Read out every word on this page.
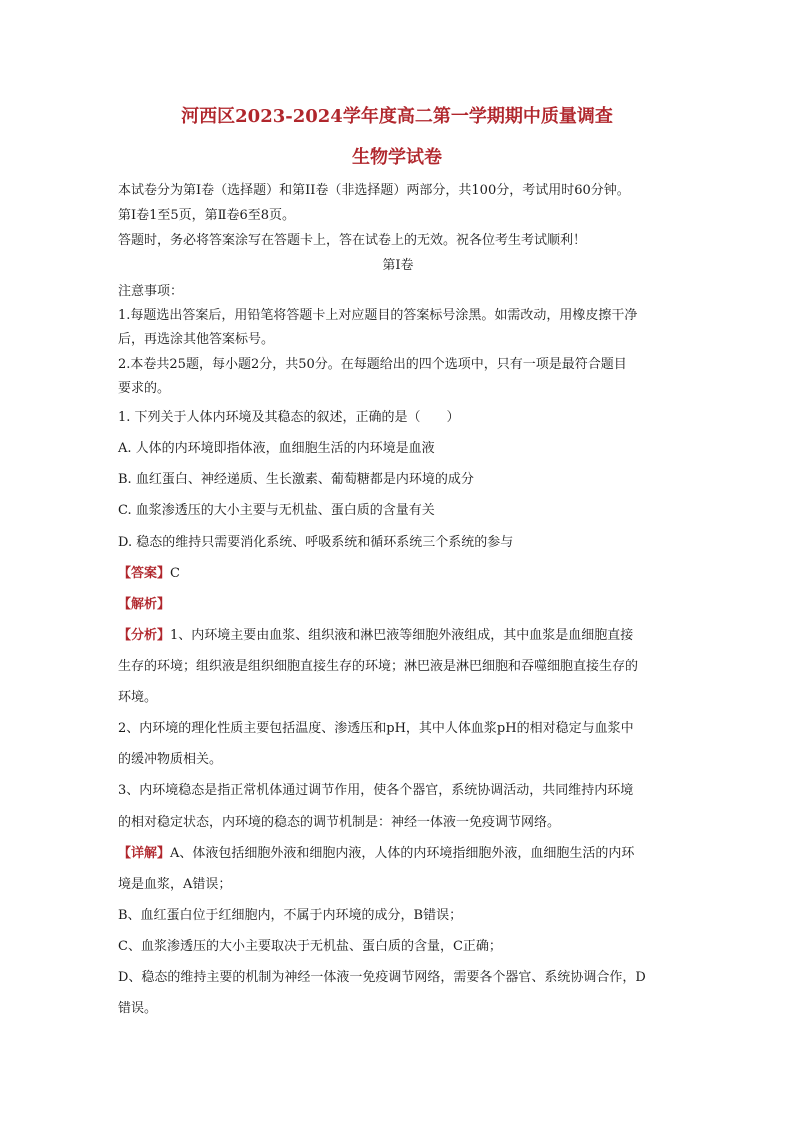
河西区2023-2024学年度高二第一学期期中质量调查
生物学试卷
本试卷分为第Ⅰ卷（选择题）和第II卷（非选择题）两部分，共100分，考试用时60分钟。
第Ⅰ卷1至5页，第Ⅱ卷6至8页。
答题时，务必将答案涂写在答题卡上，答在试卷上的无效。祝各位考生考试顺利！
第Ⅰ卷
注意事项：
1.每题选出答案后，用铅笔将答题卡上对应题目的答案标号涂黑。如需改动，用橡皮擦干净
后，再选涂其他答案标号。
2.本卷共25题，每小题2分，共50分。在每题给出的四个选项中，只有一项是最符合题目
要求的。
1. 下列关于人体内环境及其稳态的叙述，正确的是（　　）
A. 人体的内环境即指体液，血细胞生活的内环境是血液
B. 血红蛋白、神经递质、生长激素、葡萄糖都是内环境的成分
C. 血浆渗透压的大小主要与无机盐、蛋白质的含量有关
D. 稳态的维持只需要消化系统、呼吸系统和循环系统三个系统的参与
【答案】C
【解析】
【分析】1、内环境主要由血浆、组织液和淋巴液等细胞外液组成，其中血浆是血细胞直接
生存的环境；组织液是组织细胞直接生存的环境；淋巴液是淋巴细胞和吞噬细胞直接生存的
环境。
2、内环境的理化性质主要包括温度、渗透压和pH，其中人体血浆pH的相对稳定与血浆中
的缓冲物质相关。
3、内环境稳态是指正常机体通过调节作用，使各个器官，系统协调活动，共同维持内环境
的相对稳定状态，内环境的稳态的调节机制是：神经一体液一免疫调节网络。
【详解】A、体液包括细胞外液和细胞内液，人体的内环境指细胞外液，血细胞生活的内环
境是血浆，A错误；
B、血红蛋白位于红细胞内，不属于内环境的成分，B错误；
C、血浆渗透压的大小主要取决于无机盐、蛋白质的含量，C正确；
D、稳态的维持主要的机制为神经一体液一免疫调节网络，需要各个器官、系统协调合作，D
错误。
